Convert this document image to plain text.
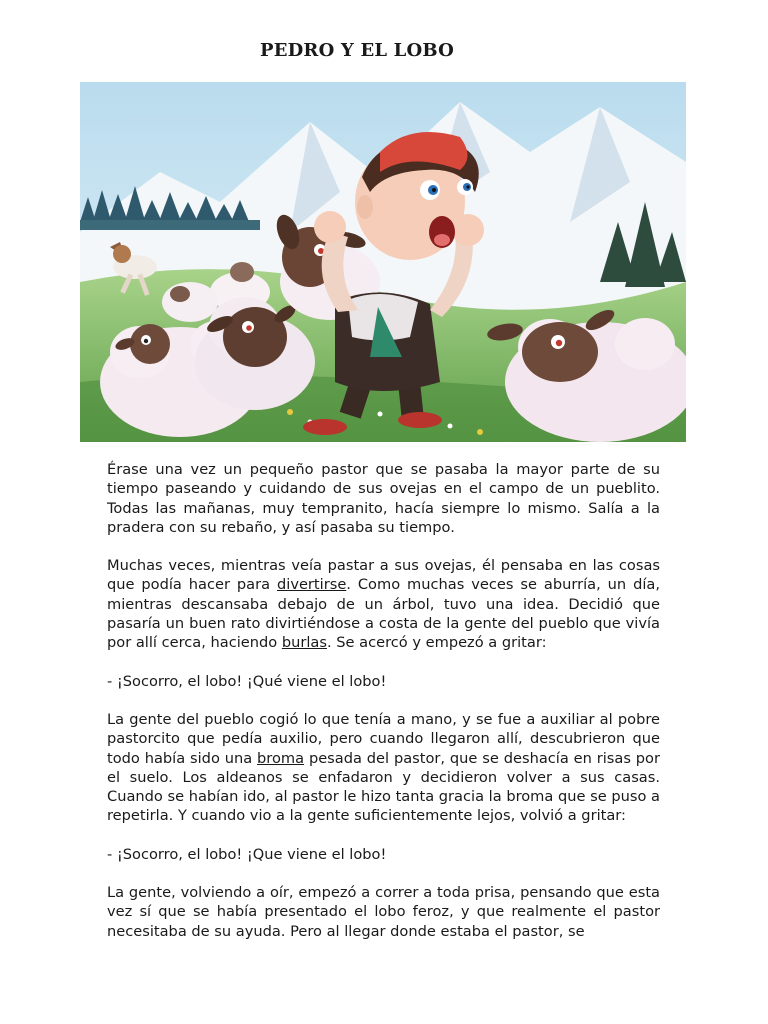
PEDRO Y EL LOBO

Érase una vez un pequeño pastor que se pasaba la mayor parte de su tiempo paseando y cuidando de sus ovejas en el campo de un pueblito. Todas las mañanas, muy tempranito, hacía siempre lo mismo. Salía a la pradera con su rebaño, y así pasaba su tiempo.

Muchas veces, mientras veía pastar a sus ovejas, él pensaba en las cosas que podía hacer para divertirse. Como muchas veces se aburría, un día, mientras descansaba debajo de un árbol, tuvo una idea. Decidió que pasaría un buen rato divirtiéndose a costa de la gente del pueblo que vivía por allí cerca, haciendo burlas. Se acercó y empezó a gritar:

- ¡Socorro, el lobo! ¡Qué viene el lobo!

La gente del pueblo cogió lo que tenía a mano, y se fue a auxiliar al pobre pastorcito que pedía auxilio, pero cuando llegaron allí, descubrieron que todo había sido una broma pesada del pastor, que se deshacía en risas por el suelo. Los aldeanos se enfadaron y decidieron volver a sus casas. Cuando se habían ido, al pastor le hizo tanta gracia la broma que se puso a repetirla. Y cuando vio a la gente suficientemente lejos, volvió a gritar:

- ¡Socorro, el lobo! ¡Que viene el lobo!

La gente, volviendo a oír, empezó a correr a toda prisa, pensando que esta vez sí que se había presentado el lobo feroz, y que realmente el pastor necesitaba de su ayuda. Pero al llegar donde estaba el pastor, se
